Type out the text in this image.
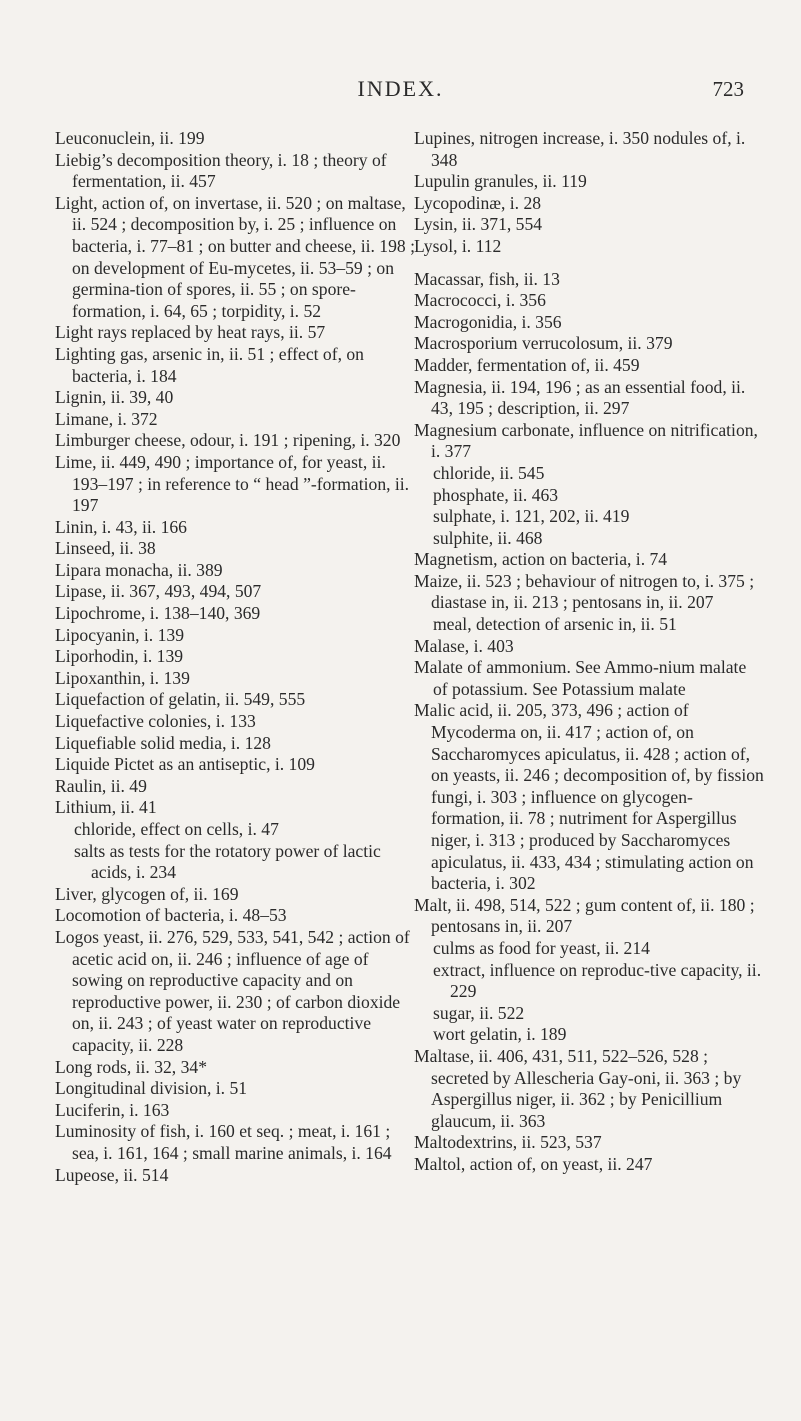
INDEX.	723

Leuconuclein, ii. 199

Liebig’s decomposition theory, i. 18 ; theory of fermentation, ii. 457

Light, action of, on invertase, ii. 520 ; on maltase, ii. 524 ; decomposition by, i. 25 ; influence on bacteria, i. 77–81 ; on butter and cheese, ii. 198 ; on development of Eu-mycetes, ii. 53–59 ; on germina-tion of spores, ii. 55 ; on spore-formation, i. 64, 65 ; torpidity, i. 52

Light rays replaced by heat rays, ii. 57

Lighting gas, arsenic in, ii. 51 ; effect of, on bacteria, i. 184

Lignin, ii. 39, 40

Limane, i. 372

Limburger cheese, odour, i. 191 ; ripening, i. 320

Lime, ii. 449, 490 ; importance of, for yeast, ii. 193–197 ; in reference to “ head ”-formation, ii. 197

Linin, i. 43, ii. 166

Linseed, ii. 38

Lipara monacha, ii. 389

Lipase, ii. 367, 493, 494, 507

Lipochrome, i. 138–140, 369

Lipocyanin, i. 139

Liporhodin, i. 139

Lipoxanthin, i. 139

Liquefaction of gelatin, ii. 549, 555

Liquefactive colonies, i. 133

Liquefiable solid media, i. 128

Liquide Pictet as an antiseptic, i. 109

Raulin, ii. 49

Lithium, ii. 41

chloride, effect on cells, i. 47

salts as tests for the rotatory power of lactic acids, i. 234

Liver, glycogen of, ii. 169

Locomotion of bacteria, i. 48–53

Logos yeast, ii. 276, 529, 533, 541, 542 ; action of acetic acid on, ii. 246 ; influence of age of sowing on reproductive capacity and on reproductive power, ii. 230 ; of carbon dioxide on, ii. 243 ; of yeast water on reproductive capacity, ii. 228

Long rods, ii. 32, 34*

Longitudinal division, i. 51

Luciferin, i. 163

Luminosity of fish, i. 160 et seq. ; meat, i. 161 ; sea, i. 161, 164 ; small marine animals, i. 164

Lupeose, ii. 514

Lupines, nitrogen increase, i. 350 nodules of, i. 348

Lupulin granules, ii. 119

Lycopodinæ, i. 28

Lysin, ii. 371, 554

Lysol, i. 112

Macassar, fish, ii. 13

Macrococci, i. 356

Macrogonidia, i. 356

Macrosporium verrucolosum, ii. 379

Madder, fermentation of, ii. 459

Magnesia, ii. 194, 196 ; as an essential food, ii. 43, 195 ; description, ii. 297

Magnesium carbonate, influence on nitrification, i. 377

chloride, ii. 545

phosphate, ii. 463

sulphate, i. 121, 202, ii. 419

sulphite, ii. 468

Magnetism, action on bacteria, i. 74

Maize, ii. 523 ; behaviour of nitrogen to, i. 375 ; diastase in, ii. 213 ; pentosans in, ii. 207

meal, detection of arsenic in, ii. 51

Malase, i. 403

Malate of ammonium. See Ammo-nium malate

of potassium. See Potassium malate

Malic acid, ii. 205, 373, 496 ; action of Mycoderma on, ii. 417 ; action of, on Saccharomyces apiculatus, ii. 428 ; action of, on yeasts, ii. 246 ; decomposition of, by fission fungi, i. 303 ; influence on glycogen-formation, ii. 78 ; nutriment for Aspergillus niger, i. 313 ; produced by Saccharomyces apiculatus, ii. 433, 434 ; stimulating action on bacteria, i. 302

Malt, ii. 498, 514, 522 ; gum content of, ii. 180 ; pentosans in, ii. 207

culms as food for yeast, ii. 214

extract, influence on reproduc-tive capacity, ii. 229

sugar, ii. 522

wort gelatin, i. 189

Maltase, ii. 406, 431, 511, 522–526, 528 ; secreted by Allescheria Gay-oni, ii. 363 ; by Aspergillus niger, ii. 362 ; by Penicillium glaucum, ii. 363

Maltodextrins, ii. 523, 537

Maltol, action of, on yeast, ii. 247
